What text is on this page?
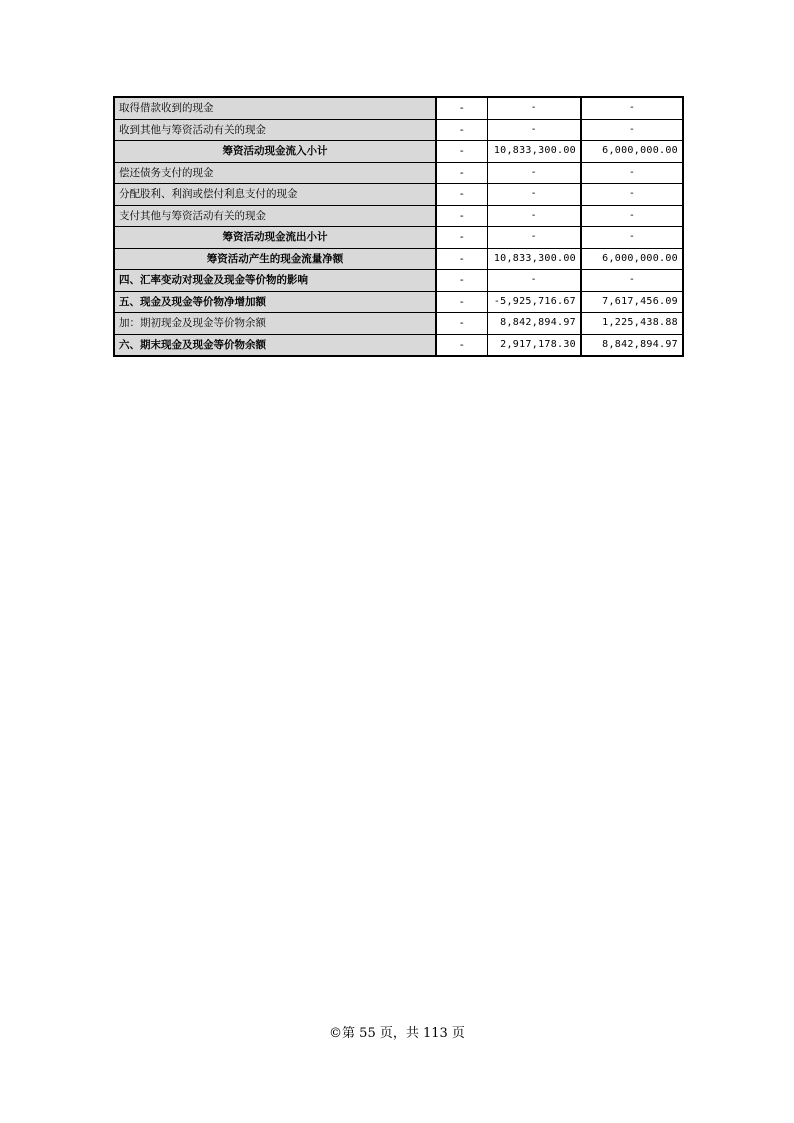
取得借款收到的现金	-	-	-
收到其他与筹资活动有关的现金	-	-	-
筹资活动现金流入小计	-	10,833,300.00	6,000,000.00
偿还债务支付的现金	-	-	-
分配股利、利润或偿付利息支付的现金	-	-	-
支付其他与筹资活动有关的现金	-	-	-
筹资活动现金流出小计	-	-	-
筹资活动产生的现金流量净额	-	10,833,300.00	6,000,000.00
四、汇率变动对现金及现金等价物的影响	-	-	-
五、现金及现金等价物净增加额	-	-5,925,716.67	7,617,456.09
加：期初现金及现金等价物余额	-	8,842,894.97	1,225,438.88
六、期末现金及现金等价物余额	-	2,917,178.30	8,842,894.97
©第 55 页，共 113 页
